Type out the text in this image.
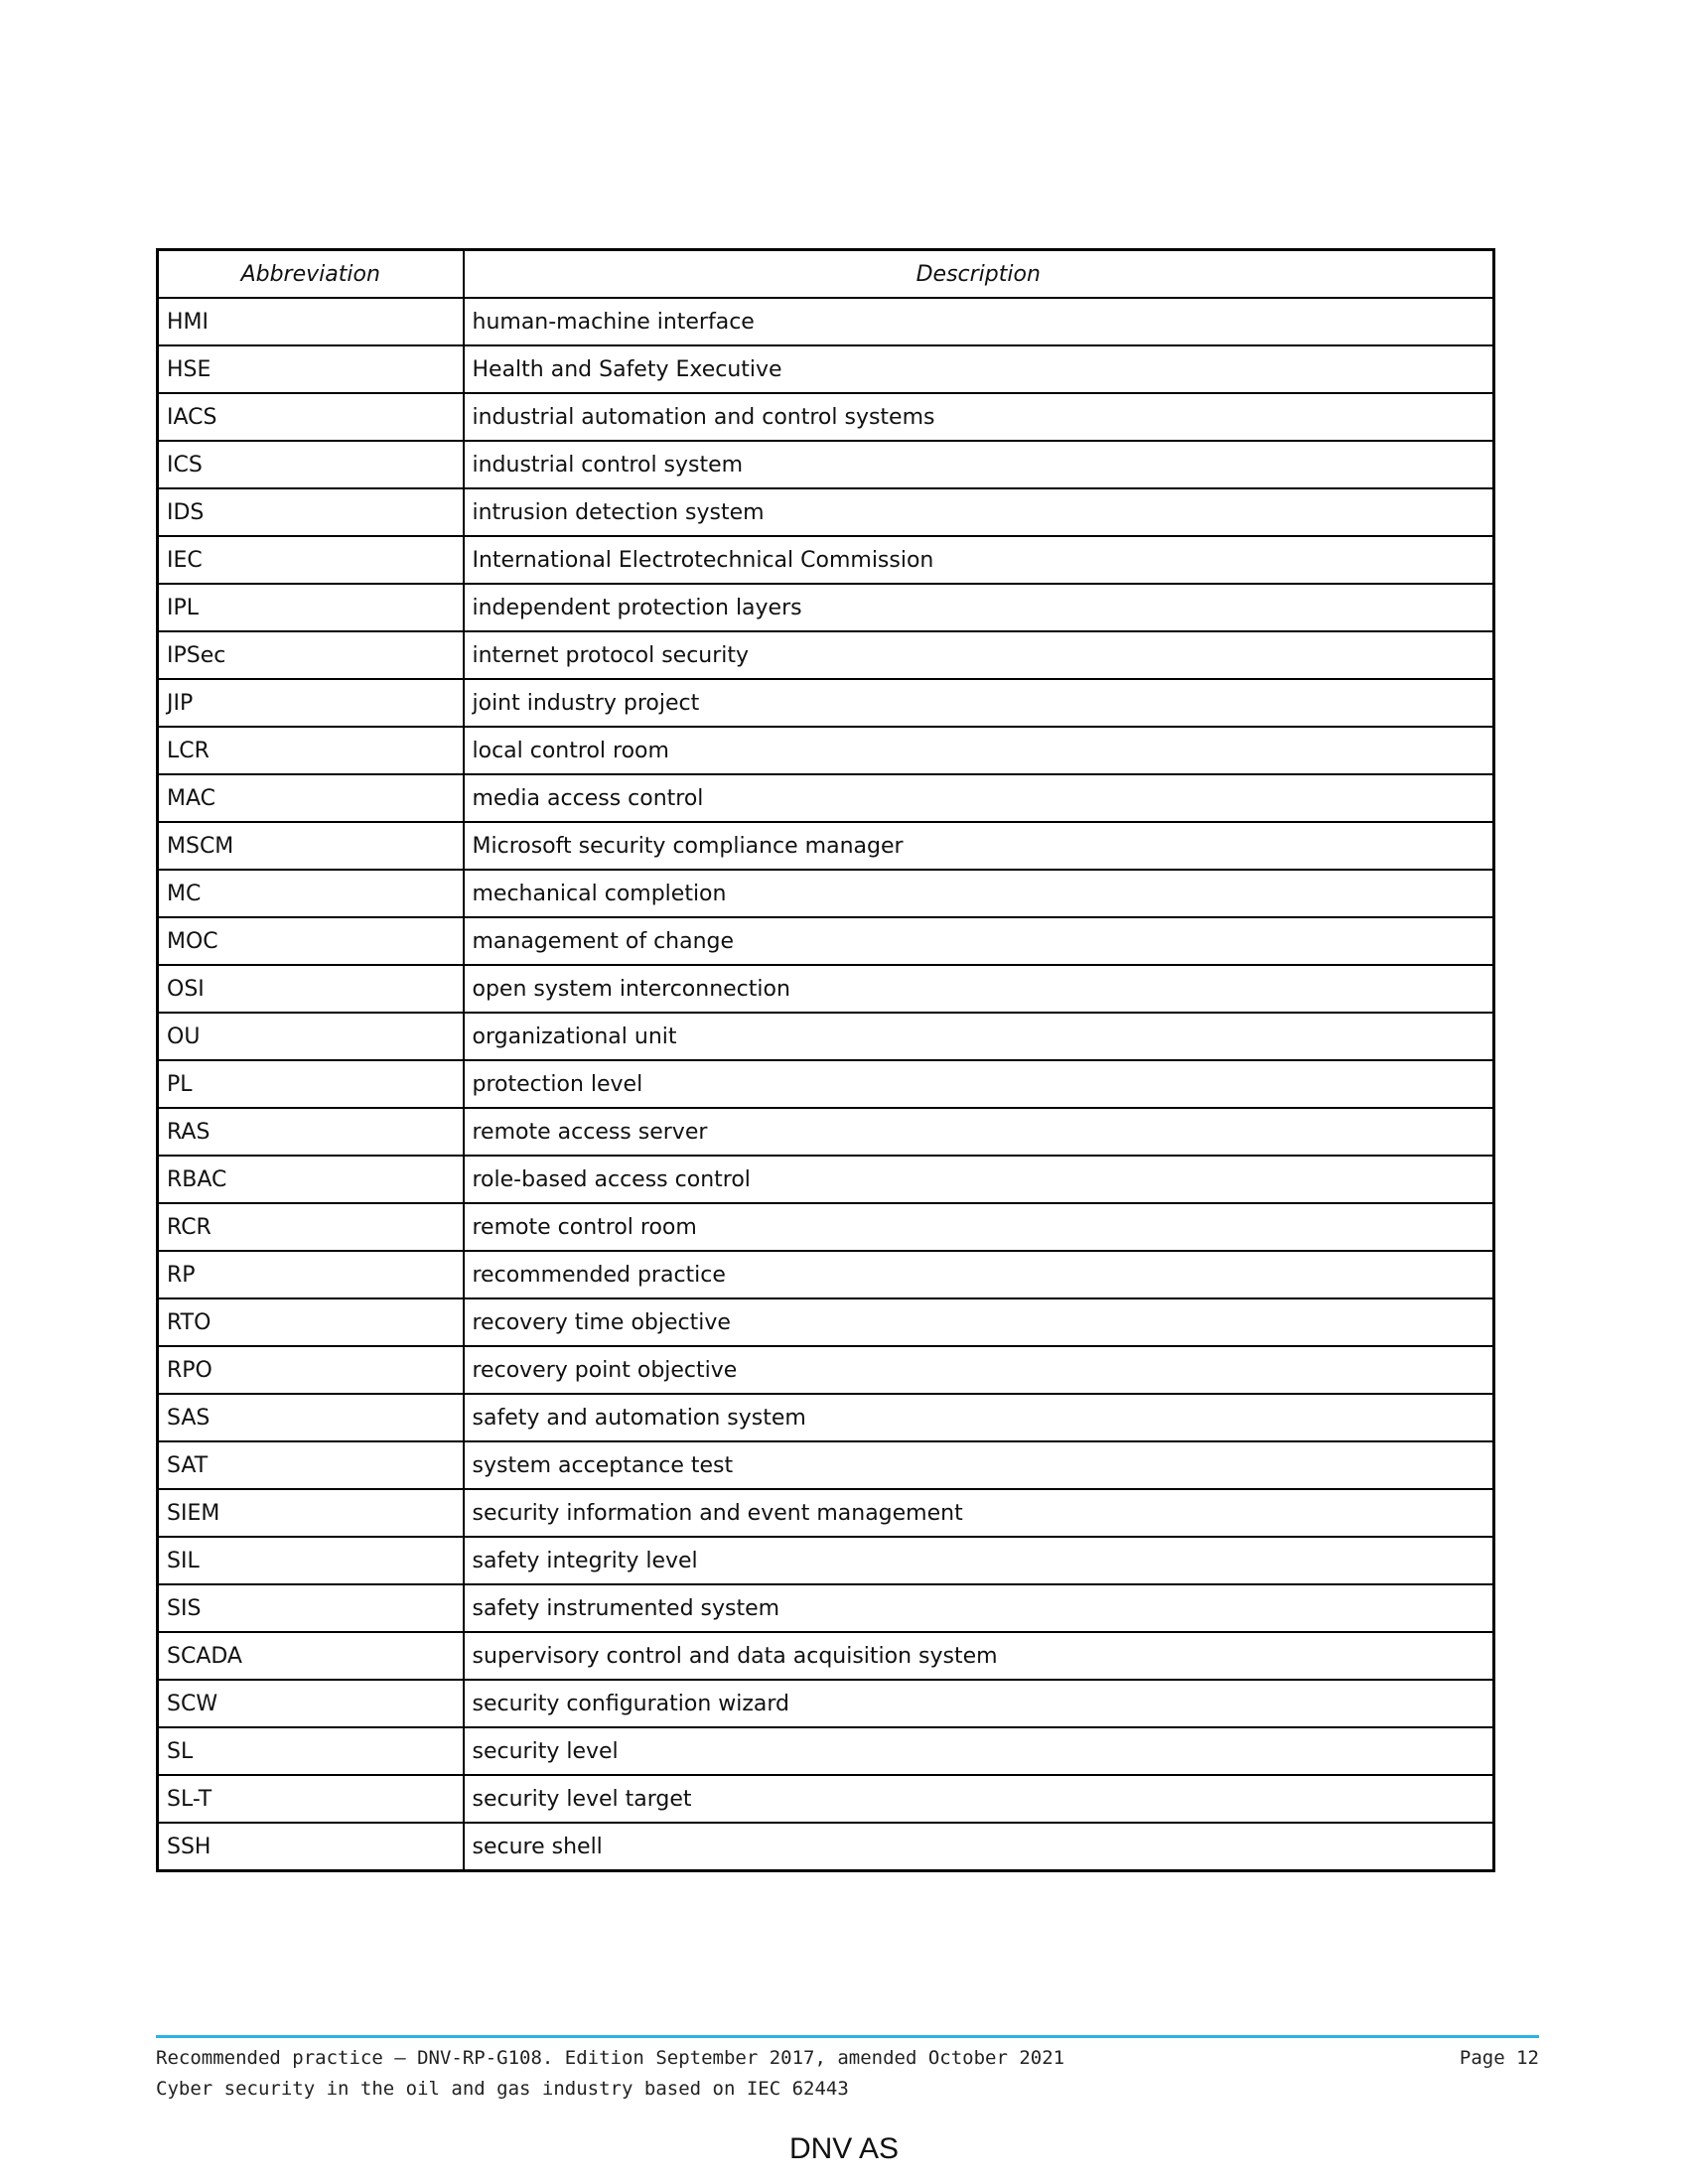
Abbreviation	Description
HMI	human-machine interface
HSE	Health and Safety Executive
IACS	industrial automation and control systems
ICS	industrial control system
IDS	intrusion detection system
IEC	International Electrotechnical Commission
IPL	independent protection layers
IPSec	internet protocol security
JIP	joint industry project
LCR	local control room
MAC	media access control
MSCM	Microsoft security compliance manager
MC	mechanical completion
MOC	management of change
OSI	open system interconnection
OU	organizational unit
PL	protection level
RAS	remote access server
RBAC	role-based access control
RCR	remote control room
RP	recommended practice
RTO	recovery time objective
RPO	recovery point objective
SAS	safety and automation system
SAT	system acceptance test
SIEM	security information and event management
SIL	safety integrity level
SIS	safety instrumented system
SCADA	supervisory control and data acquisition system
SCW	security configuration wizard
SL	security level
SL-T	security level target
SSH	secure shell
Recommended practice — DNV-RP-G108. Edition September 2017, amended October 2021
Cyber security in the oil and gas industry based on IEC 62443
Page 12
DNV AS
